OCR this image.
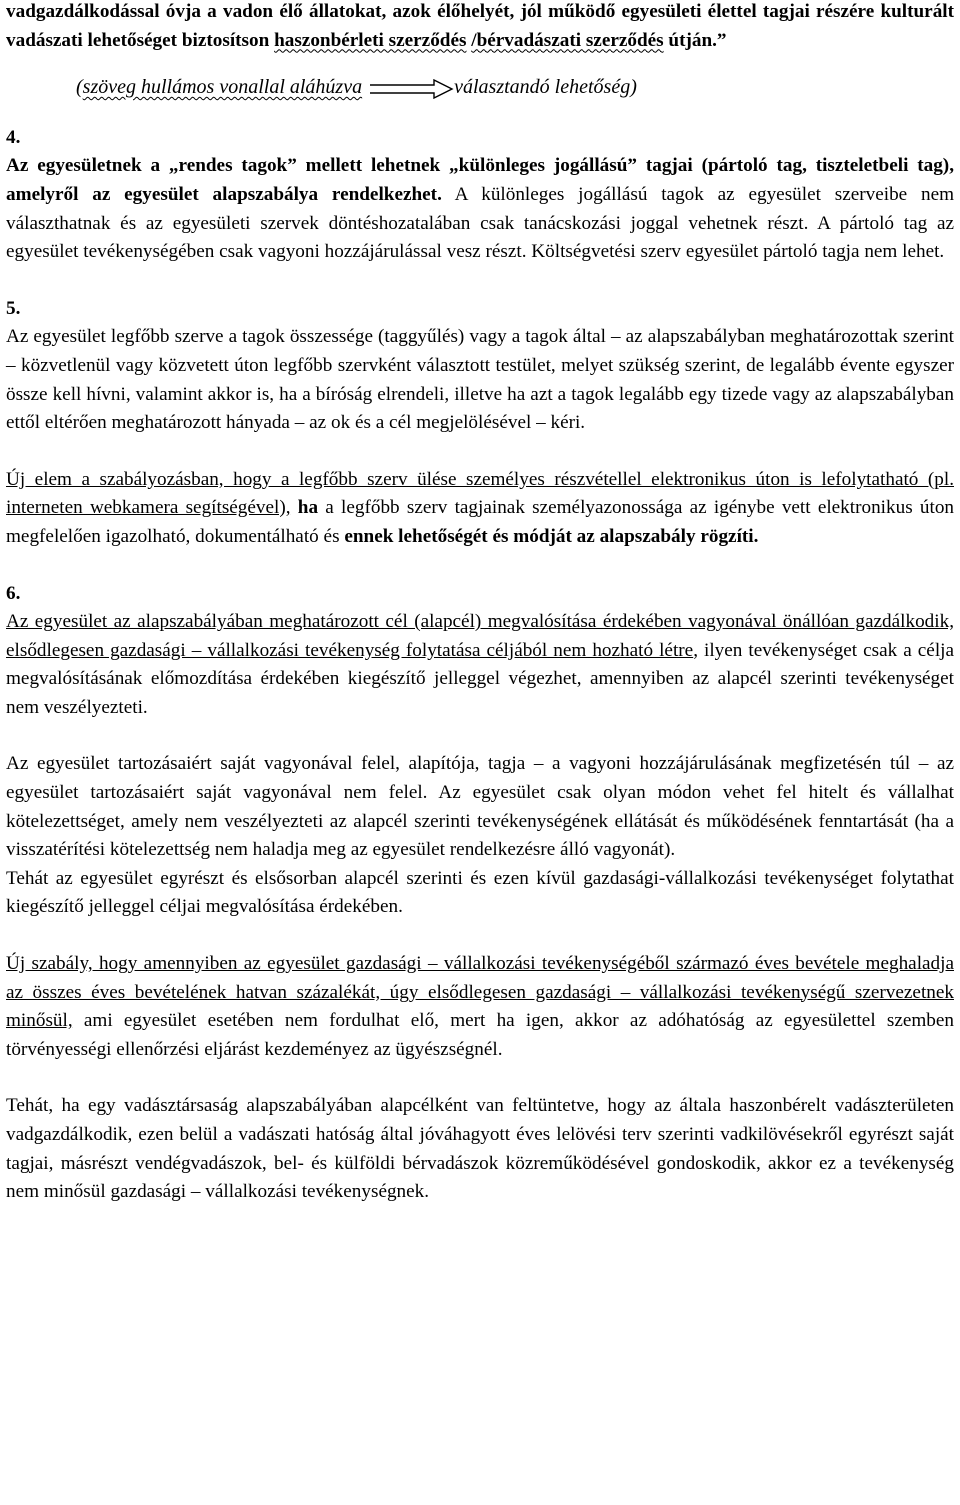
vadgazdálkodással óvja a vadon élő állatokat, azok élőhelyét, jól működő egyesületi élettel tagjai részére kulturált vadászati lehetőséget biztosítson haszonbérleti szerződés /bérvadászati szerződés útján.”

(szöveg hullámos vonallal aláhúzva	választandó lehetőség)

4.

Az egyesületnek a „rendes tagok” mellett lehetnek „különleges jogállású” tagjai (pártoló tag, tiszteletbeli tag), amelyről az egyesület alapszabálya rendelkezhet. A különleges jogállású tagok az egyesület szerveibe nem választhatnak és az egyesületi szervek döntéshozatalában csak tanácskozási joggal vehetnek részt. A pártoló tag az egyesület tevékenységében csak vagyoni hozzájárulással vesz részt. Költségvetési szerv egyesület pártoló tagja nem lehet.

5.

Az egyesület legfőbb szerve a tagok összessége (taggyűlés) vagy a tagok által – az alapszabályban meghatározottak szerint – közvetlenül vagy közvetett úton legfőbb szervként választott testület, melyet szükség szerint, de legalább évente egyszer össze kell hívni, valamint akkor is, ha a bíróság elrendeli, illetve ha azt a tagok legalább egy tizede vagy az alapszabályban ettől eltérően meghatározott hányada – az ok és a cél megjelölésével – kéri.

Új elem a szabályozásban, hogy a legfőbb szerv ülése személyes részvétellel elektronikus úton is lefolytatható (pl. interneten webkamera segítségével), ha a legfőbb szerv tagjainak személyazonossága az igénybe vett elektronikus úton megfelelően igazolható, dokumentálható és ennek lehetőségét és módját az alapszabály rögzíti.

6.

Az egyesület az alapszabályában meghatározott cél (alapcél) megvalósítása érdekében vagyonával önállóan gazdálkodik, elsődlegesen gazdasági – vállalkozási tevékenység folytatása céljából nem hozható létre, ilyen tevékenységet csak a célja megvalósításának előmozdítása érdekében kiegészítő jelleggel végezhet, amennyiben az alapcél szerinti tevékenységet nem veszélyezteti.

Az egyesület tartozásaiért saját vagyonával felel, alapítója, tagja – a vagyoni hozzájárulásának megfizetésén túl – az egyesület tartozásaiért saját vagyonával nem felel. Az egyesület csak olyan módon vehet fel hitelt és vállalhat kötelezettséget, amely nem veszélyezteti az alapcél szerinti tevékenységének ellátását és működésének fenntartását (ha a visszatérítési kötelezettség nem haladja meg az egyesület rendelkezésre álló vagyonát).

Tehát az egyesület egyrészt és elsősorban alapcél szerinti és ezen kívül gazdasági-vállalkozási tevékenységet folytathat kiegészítő jelleggel céljai megvalósítása érdekében.

Új szabály, hogy amennyiben az egyesület gazdasági – vállalkozási tevékenységéből származó éves bevétele meghaladja az összes éves bevételének hatvan százalékát, úgy elsődlegesen gazdasági – vállalkozási tevékenységű szervezetnek minősül, ami egyesület esetében nem fordulhat elő, mert ha igen, akkor az adóhatóság az egyesülettel szemben törvényességi ellenőrzési eljárást kezdeményez az ügyészségnél.

Tehát, ha egy vadásztársaság alapszabályában alapcélként van feltüntetve, hogy az általa haszonbérelt vadászterületen vadgazdálkodik, ezen belül a vadászati hatóság által jóváhagyott éves lelövési terv szerinti vadkilövésekről egyrészt saját tagjai, másrészt vendégvadászok, bel- és külföldi bérvadászok közreműködésével gondoskodik, akkor ez a tevékenység nem minősül gazdasági – vállalkozási tevékenységnek.
